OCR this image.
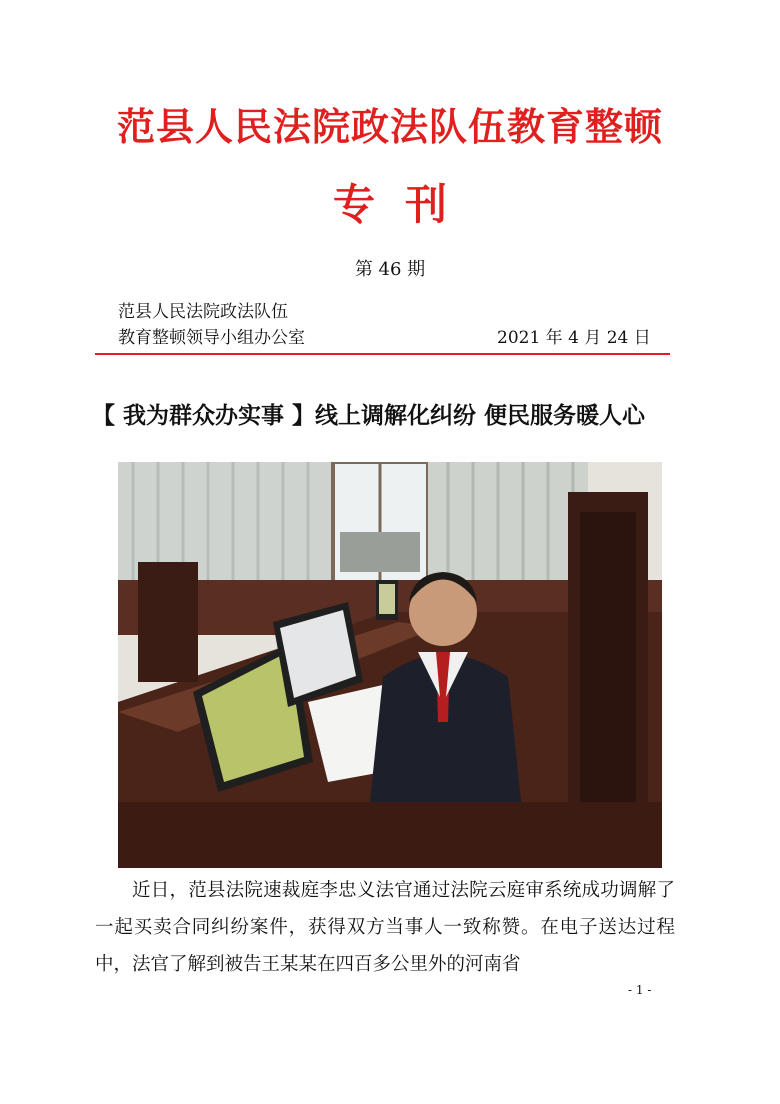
范县人民法院政法队伍教育整顿
专刊
第 46 期
范县人民法院政法队伍
教育整顿领导小组办公室	2021 年 4 月 24 日
【 我为群众办实事 】线上调解化纠纷 便民服务暖人心
近日，范县法院速裁庭李忠义法官通过法院云庭审系统成功调解了一起买卖合同纠纷案件，获得双方当事人一致称赞。在电子送达过程中，法官了解到被告王某某在四百多公里外的河南省
- 1 -
